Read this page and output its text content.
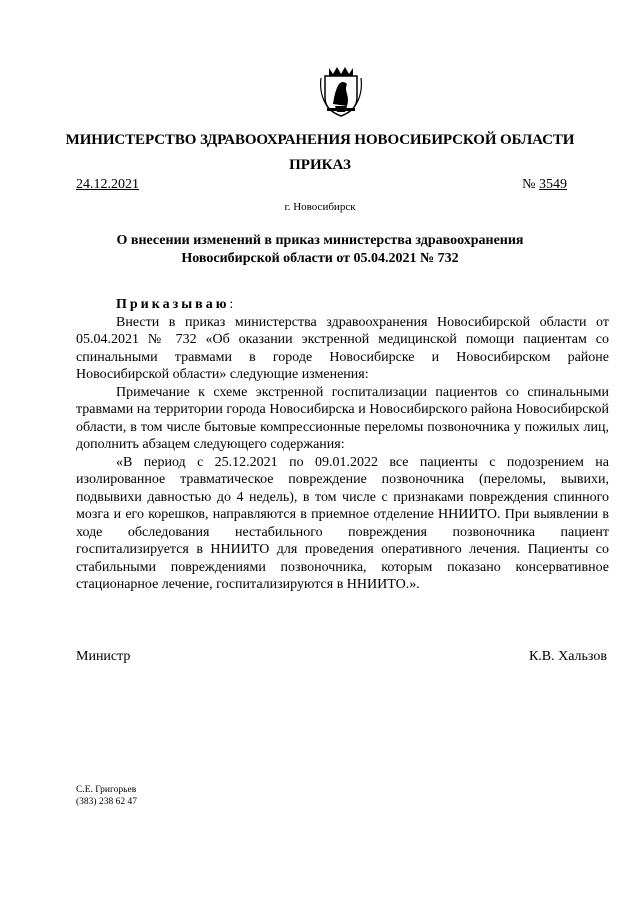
МИНИСТЕРСТВО ЗДРАВООХРАНЕНИЯ НОВОСИБИРСКОЙ ОБЛАСТИ
ПРИКАЗ
24.12.2021	№ 3549
г. Новосибирск
О внесении изменений в приказ министерства здравоохранения
Новосибирской области от 05.04.2021 № 732

Приказываю:

Внести в приказ министерства здравоохранения Новосибирской области от 05.04.2021 № 732 «Об оказании экстренной медицинской помощи пациентам со спинальными травмами в городе Новосибирске и Новосибирском районе Новосибирской области» следующие изменения:

Примечание к схеме экстренной госпитализации пациентов со спинальными травмами на территории города Новосибирска и Новосибирского района Новосибирской области, в том числе бытовые компрессионные переломы позвоночника у пожилых лиц, дополнить абзацем следующего содержания:

«В период с 25.12.2021 по 09.01.2022 все пациенты с подозрением на изолированное травматическое повреждение позвоночника (переломы, вывихи, подвывихи давностью до 4 недель), в том числе с признаками повреждения спинного мозга и его корешков, направляются в приемное отделение ННИИТО. При выявлении в ходе обследования нестабильного повреждения позвоночника пациент госпитализируется в ННИИТО для проведения оперативного лечения. Пациенты со стабильными повреждениями позвоночника, которым показано консервативное стационарное лечение, госпитализируются в ННИИТО.».

Министр	К.В. Хальзов
С.Е. Григорьев
(383) 238 62 47
